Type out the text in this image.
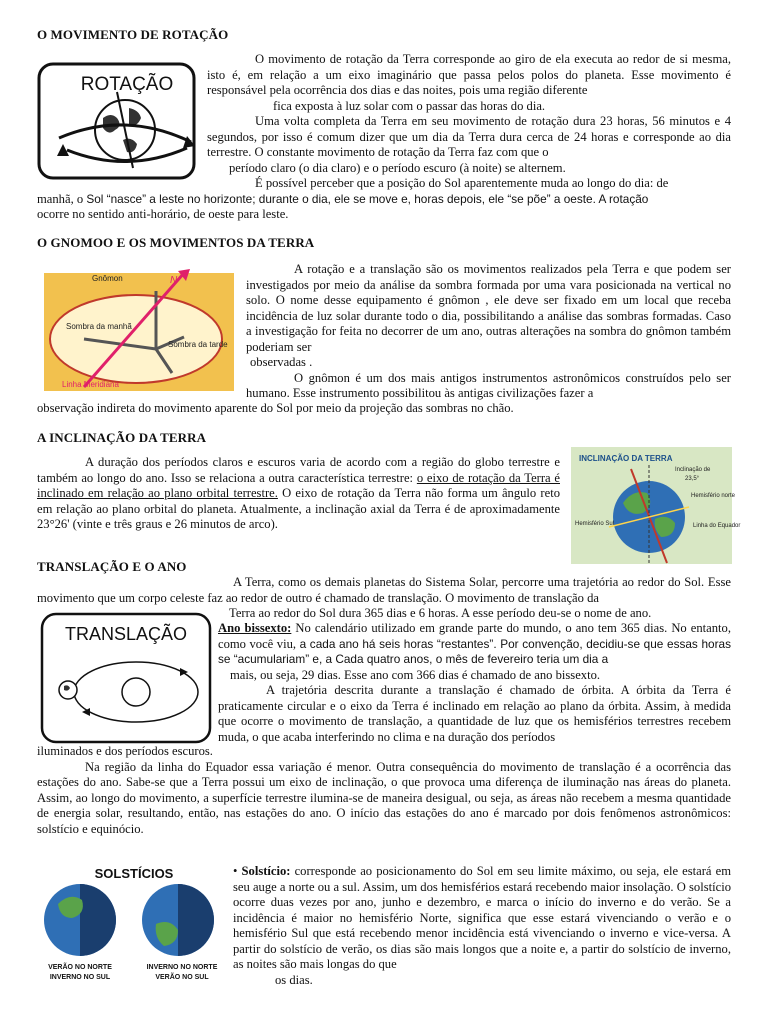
O MOVIMENTO DE ROTAÇÃO
ROTAÇÃO

O movimento de rotação da Terra corresponde ao giro de ela executa ao redor de si mesma, isto é, em relação a um eixo imaginário que passa pelos polos do planeta. Esse movimento é responsável pela ocorrência dos dias e das noites, pois uma região diferente

fica exposta à luz solar com o passar das horas do dia.

Uma volta completa da Terra em seu movimento de rotação dura 23 horas, 56 minutos e 4 segundos, por isso é comum dizer que um dia da Terra dura cerca de 24 horas e corresponde ao dia terrestre. O constante movimento de rotação da Terra faz com que o

período claro (o dia claro) e o período escuro (à noite) se alternem.

É possível perceber que a posição do Sol aparentemente muda ao longo do dia: de

manhã, o Sol “nasce” a leste no horizonte; durante o dia, ele se move e, horas depois, ele “se põe” a oeste. A rotação

ocorre no sentido anti-horário, de oeste para leste.

O GNOMOO E OS MOVIMENTOS DA TERRA
Gnômon
Sombra da manhã
Sombra da tarde
Linha Meridiana
N

A rotação e a translação são os movimentos realizados pela Terra e que podem ser investigados por meio da análise da sombra formada por uma vara posicionada na vertical no solo. O nome desse equipamento é gnômon , ele deve ser fixado em um local que receba incidência de luz solar durante todo o dia, possibilitando a análise das sombras formadas. Caso a investigação for feita no decorrer de um ano, outras alterações na sombra do gnômon também poderiam ser

observadas .

O gnômon é um dos mais antigos instrumentos astronômicos construídos pelo ser humano. Esse instrumento possibilitou às antigas civilizações fazer a

observação indireta do movimento aparente do Sol por meio da projeção das sombras no chão.

A INCLINAÇÃO DA TERRA

A duração dos períodos claros e escuros varia de acordo com a região do globo terrestre e também ao longo do ano. Isso se relaciona a outra característica terrestre: o eixo de rotação da Terra é inclinado em relação ao plano orbital terrestre. O eixo de rotação da Terra não forma um ângulo reto em relação ao plano orbital do planeta. Atualmente, a inclinação axial da Terra é de aproximadamente 23°26' (vinte e três graus e 26 minutos de arco).

INCLINAÇÃO DA TERRA
Inclinação de
23,5°
Hemisfério norte
Hemisfério Sul	Linha do Equador
TRANSLAÇÃO E O ANO

A Terra, como os demais planetas do Sistema Solar, percorre uma trajetória ao redor do Sol. Esse movimento que um corpo celeste faz ao redor de outro é chamado de translação. O movimento de translação da

Terra ao redor do Sol dura 365 dias e 6 horas. A esse período deu-se o nome de ano.

TRANSLAÇÃO Ano bissexto: No calendário utilizado em grande parte do mundo, o ano tem 365 dias. No entanto, como você viu, a cada ano há seis horas “restantes”. Por convenção, decidiu-se que essas horas se “acumulariam” e, a Cada quatro anos, o mês de fevereiro teria um dia a

mais, ou seja, 29 dias. Esse ano com 366 dias é chamado de ano bissexto.

A trajetória descrita durante a translação é chamado de órbita. A órbita da Terra é praticamente circular e o eixo da Terra é inclinado em relação ao plano da órbita. Assim, à medida que ocorre o movimento de translação, a quantidade de luz que os hemisférios terrestres recebem muda, o que acaba interferindo no clima e na duração dos períodos

iluminados e dos períodos escuros.

Na região da linha do Equador essa variação é menor. Outra consequência do movimento de translação é a ocorrência das estações do ano. Sabe-se que a Terra possui um eixo de inclinação, o que provoca uma diferença de iluminação nas áreas do planeta. Assim, ao longo do movimento, a superfície terrestre ilumina-se de maneira desigual, ou seja, as áreas não recebem a mesma quantidade de energia solar, resultando, então, nas estações do ano. O início das estações do ano é marcado por dois fenômenos astronômicos: solstício e equinócio.

SOLSTÍCIOS
VERÃO NO NORTE
INVERNO NO SUL
INVERNO NO NORTE
VERÃO NO SUL

• Solstício: corresponde ao posicionamento do Sol em seu limite máximo, ou seja, ele estará em seu auge a norte ou a sul. Assim, um dos hemisférios estará recebendo maior insolação. O solstício ocorre duas vezes por ano, junho e dezembro, e marca o início do inverno e do verão. Se a incidência é maior no hemisfério Norte, significa que esse estará vivenciando o verão e o hemisfério Sul que está recebendo menor incidência está vivenciando o inverno e vice-versa. A partir do solstício de verão, os dias são mais longos que a noite e, a partir do solstício de inverno, as noites são mais longas do que

os dias.
